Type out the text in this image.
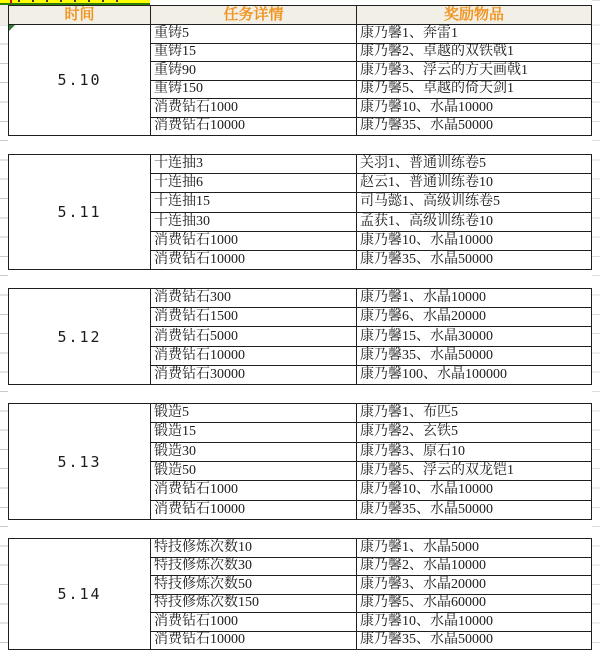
时间	任务详情	奖励物品
5.10
重铸5	康乃馨1、奔雷1
重铸15	康乃馨2、卓越的双铁戟1
重铸90	康乃馨3、浮云的方天画戟1
重铸150	康乃馨5、卓越的倚天剑1
消费钻石1000	康乃馨10、水晶10000
消费钻石10000	康乃馨35、水晶50000
5.11
十连抽3	关羽1、普通训练卷5
十连抽6	赵云1、普通训练卷10
十连抽15	司马懿1、高级训练卷5
十连抽30	孟获1、高级训练卷10
消费钻石1000	康乃馨10、水晶10000
消费钻石10000	康乃馨35、水晶50000
5.12
消费钻石300	康乃馨1、水晶10000
消费钻石1500	康乃馨6、水晶20000
消费钻石5000	康乃馨15、水晶30000
消费钻石10000	康乃馨35、水晶50000
消费钻石30000	康乃馨100、水晶100000
5.13
锻造5	康乃馨1、布匹5
锻造15	康乃馨2、玄铁5
锻造30	康乃馨3、原石10
锻造50	康乃馨5、浮云的双龙铠1
消费钻石1000	康乃馨10、水晶10000
消费钻石10000	康乃馨35、水晶50000
5.14
特技修炼次数10	康乃馨1、水晶5000
特技修炼次数30	康乃馨2、水晶10000
特技修炼次数50	康乃馨3、水晶20000
特技修炼次数150	康乃馨5、水晶60000
消费钻石1000	康乃馨10、水晶10000
消费钻石10000	康乃馨35、水晶50000
